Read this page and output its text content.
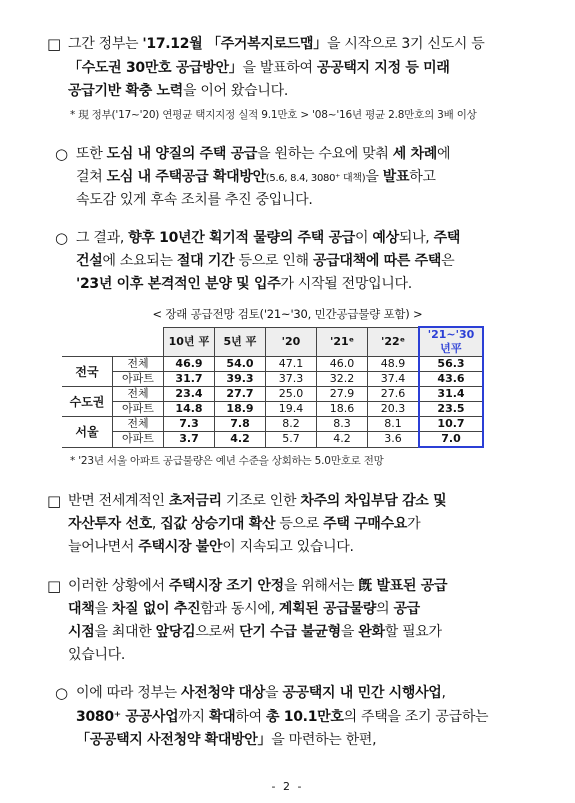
□ 그간 정부는 '17.12월 「주거복지로드맵」을 시작으로 3기 신도시 등
「수도권 30만호 공급방안」을 발표하여 공공택지 지정 등 미래
공급기반 확충 노력을 이어 왔습니다.
* 現 정부('17~'20) 연평균 택지지정 실적 9.1만호 > '08~'16년 평균 2.8만호의 3배 이상
○ 또한 도심 내 양질의 주택 공급을 원하는 수요에 맞춰 세 차례에
걸쳐 도심 내 주택공급 확대방안(5.6, 8.4, 3080⁺ 대책)을 발표하고
속도감 있게 후속 조치를 추진 중입니다.
○ 그 결과, 향후 10년간 획기적 물량의 주택 공급이 예상되나, 주택
건설에 소요되는 절대 기간 등으로 인해 공급대책에 따른 주택은
'23년 이후 본격적인 분양 및 입주가 시작될 전망입니다.
< 장래 공급전망 검토('21~'30, 민간공급물량 포함) >
		10년 平	5년 平	'20	'21ᵉ	'22ᵉ	'21~'30년平
전국	전체	46.9	54.0	47.1	46.0	48.9	56.3
	아파트	31.7	39.3	37.3	32.2	37.4	43.6
수도권	전체	23.4	27.7	25.0	27.9	27.6	31.4
	아파트	14.8	18.9	19.4	18.6	20.3	23.5
서울	전체	7.3	7.8	8.2	8.3	8.1	10.7
	아파트	3.7	4.2	5.7	4.2	3.6	7.0
* '23년 서울 아파트 공급물량은 예년 수준을 상회하는 5.0만호로 전망
□ 반면 전세계적인 초저금리 기조로 인한 차주의 차입부담 감소 및
자산투자 선호, 집값 상승기대 확산 등으로 주택 구매수요가
늘어나면서 주택시장 불안이 지속되고 있습니다.
□ 이러한 상황에서 주택시장 조기 안정을 위해서는 旣 발표된 공급
대책을 차질 없이 추진함과 동시에, 계획된 공급물량의 공급
시점을 최대한 앞당김으로써 단기 수급 불균형을 완화할 필요가
있습니다.
○ 이에 따라 정부는 사전청약 대상을 공공택지 내 민간 시행사업,
3080⁺ 공공사업까지 확대하여 총 10.1만호의 주택을 조기 공급하는
「공공택지 사전청약 확대방안」을 마련하는 한편,
- 2 -
